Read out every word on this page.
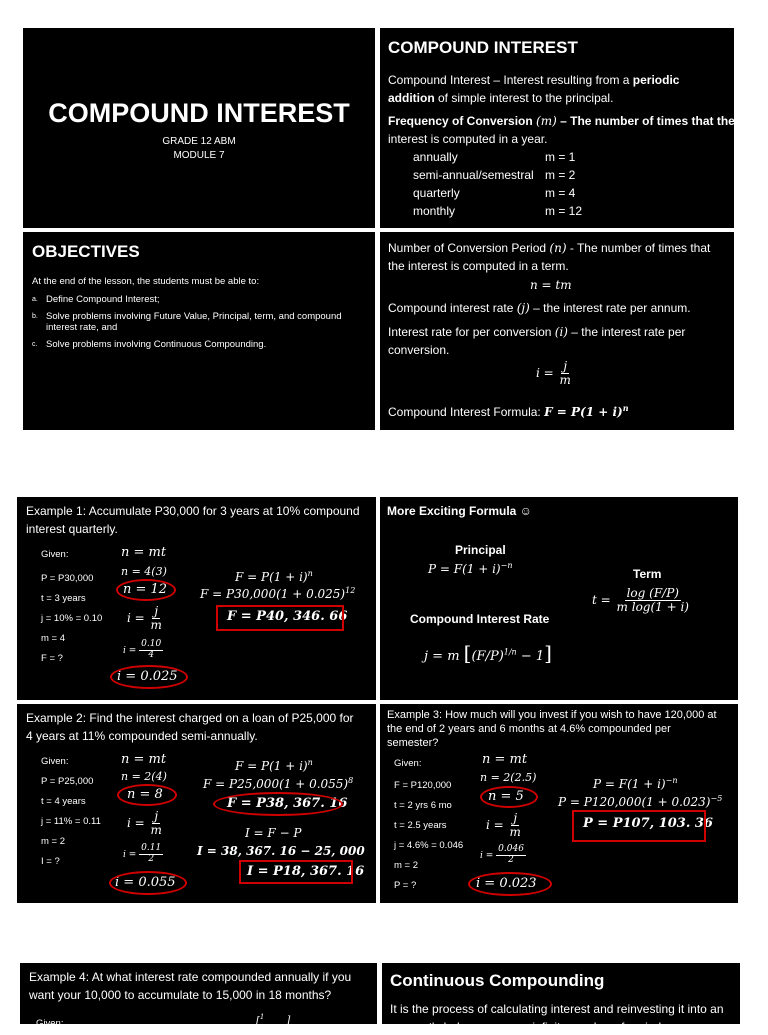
COMPOUND INTEREST
GRADE 12 ABM
MODULE 7
COMPOUND INTEREST
Compound Interest – Interest resulting from a periodic
addition of simple interest to the principal.
Frequency of Conversion (m) – The number of times that the
interest is computed in a year.
annually	m = 1
semi-annual/semestral m = 2
quarterly	m = 4
monthly	m = 12
OBJECTIVES
At the end of the lesson, the students must be able to:
a. Define Compound Interest;
b. Solve problems involving Future Value, Principal, term, and compound
interest rate, and
c. Solve problems involving Continuous Compounding.
Number of Conversion Period (n) - The number of times that
the interest is computed in a term.
n = tm
Compound interest rate (j) – the interest rate per annum.
Interest rate for per conversion (i) – the interest rate per
conversion.
$i = \frac{j}{m}$
Compound Interest Formula: $F = P(1 + i)^n$
Example 1: Accumulate P30,000 for 3 years at 10% compound
interest quarterly.
Given:
P = P30,000
t = 3 years
j = 10% = 0.10
m = 4
F = ?
n = mt
n = 4(3)
n = 12
$i = \frac{j}{m}$
$i = \frac{0.10}{4}$
i = 0.025
$F = P(1 + i)^n$
$F = P30,000(1 + 0.025)^{12}$
F = P40, 346. 66
More Exciting Formula ☺
Principal
$P = F(1 + i)^{-n}$
Term
$t = \frac{\log (F/P)}{\text{m log(1 + i)}}$
Compound Interest Rate
j = m $[(F/P)^{1/n} - 1]$
Example 2: Find the interest charged on a loan of P25,000 for
4 years at 11% compounded semi-annually.
Given:
P = P25,000
t = 4 years
j = 11% = 0.11
m = 2
I = ?
n = mt
n = 2(4)
n = 8
$i = \frac{j}{m}$
$i = \frac{0.11}{2}$
i = 0.055
$F = P(1 + i)^n$
$F = P25,000(1 + 0.055)^8$
F = P38, 367. 16
I = F − P
I = 38, 367. 16 − 25, 000
I = P18, 367. 16
Example 3: How much will you invest if you wish to have 120,000 at
the end of 2 years and 6 months at 4.6% compounded per
semester?
Given:
F = P120,000
t = 2 yrs 6 mo
t = 2.5 years
j = 4.6% = 0.046
m = 2
P = ?
n = mt
n = 2(2.5)
n = 5
$i = \frac{j}{m}$
$i = \frac{0.046}{2}$
i = 0.023
$P = F(1 + i)^{-n}$
$P = P120,000(1 + 0.023)^{-5}$
P = P107, 103. 36
Example 4: At what interest rate compounded annually if you
want your 10,000 to accumulate to 15,000 in 18 months?
Given:	[$^1$ ]
Continuous Compounding
It is the process of calculating interest and reinvesting it into an
account's balance over an infinite number of periods.
